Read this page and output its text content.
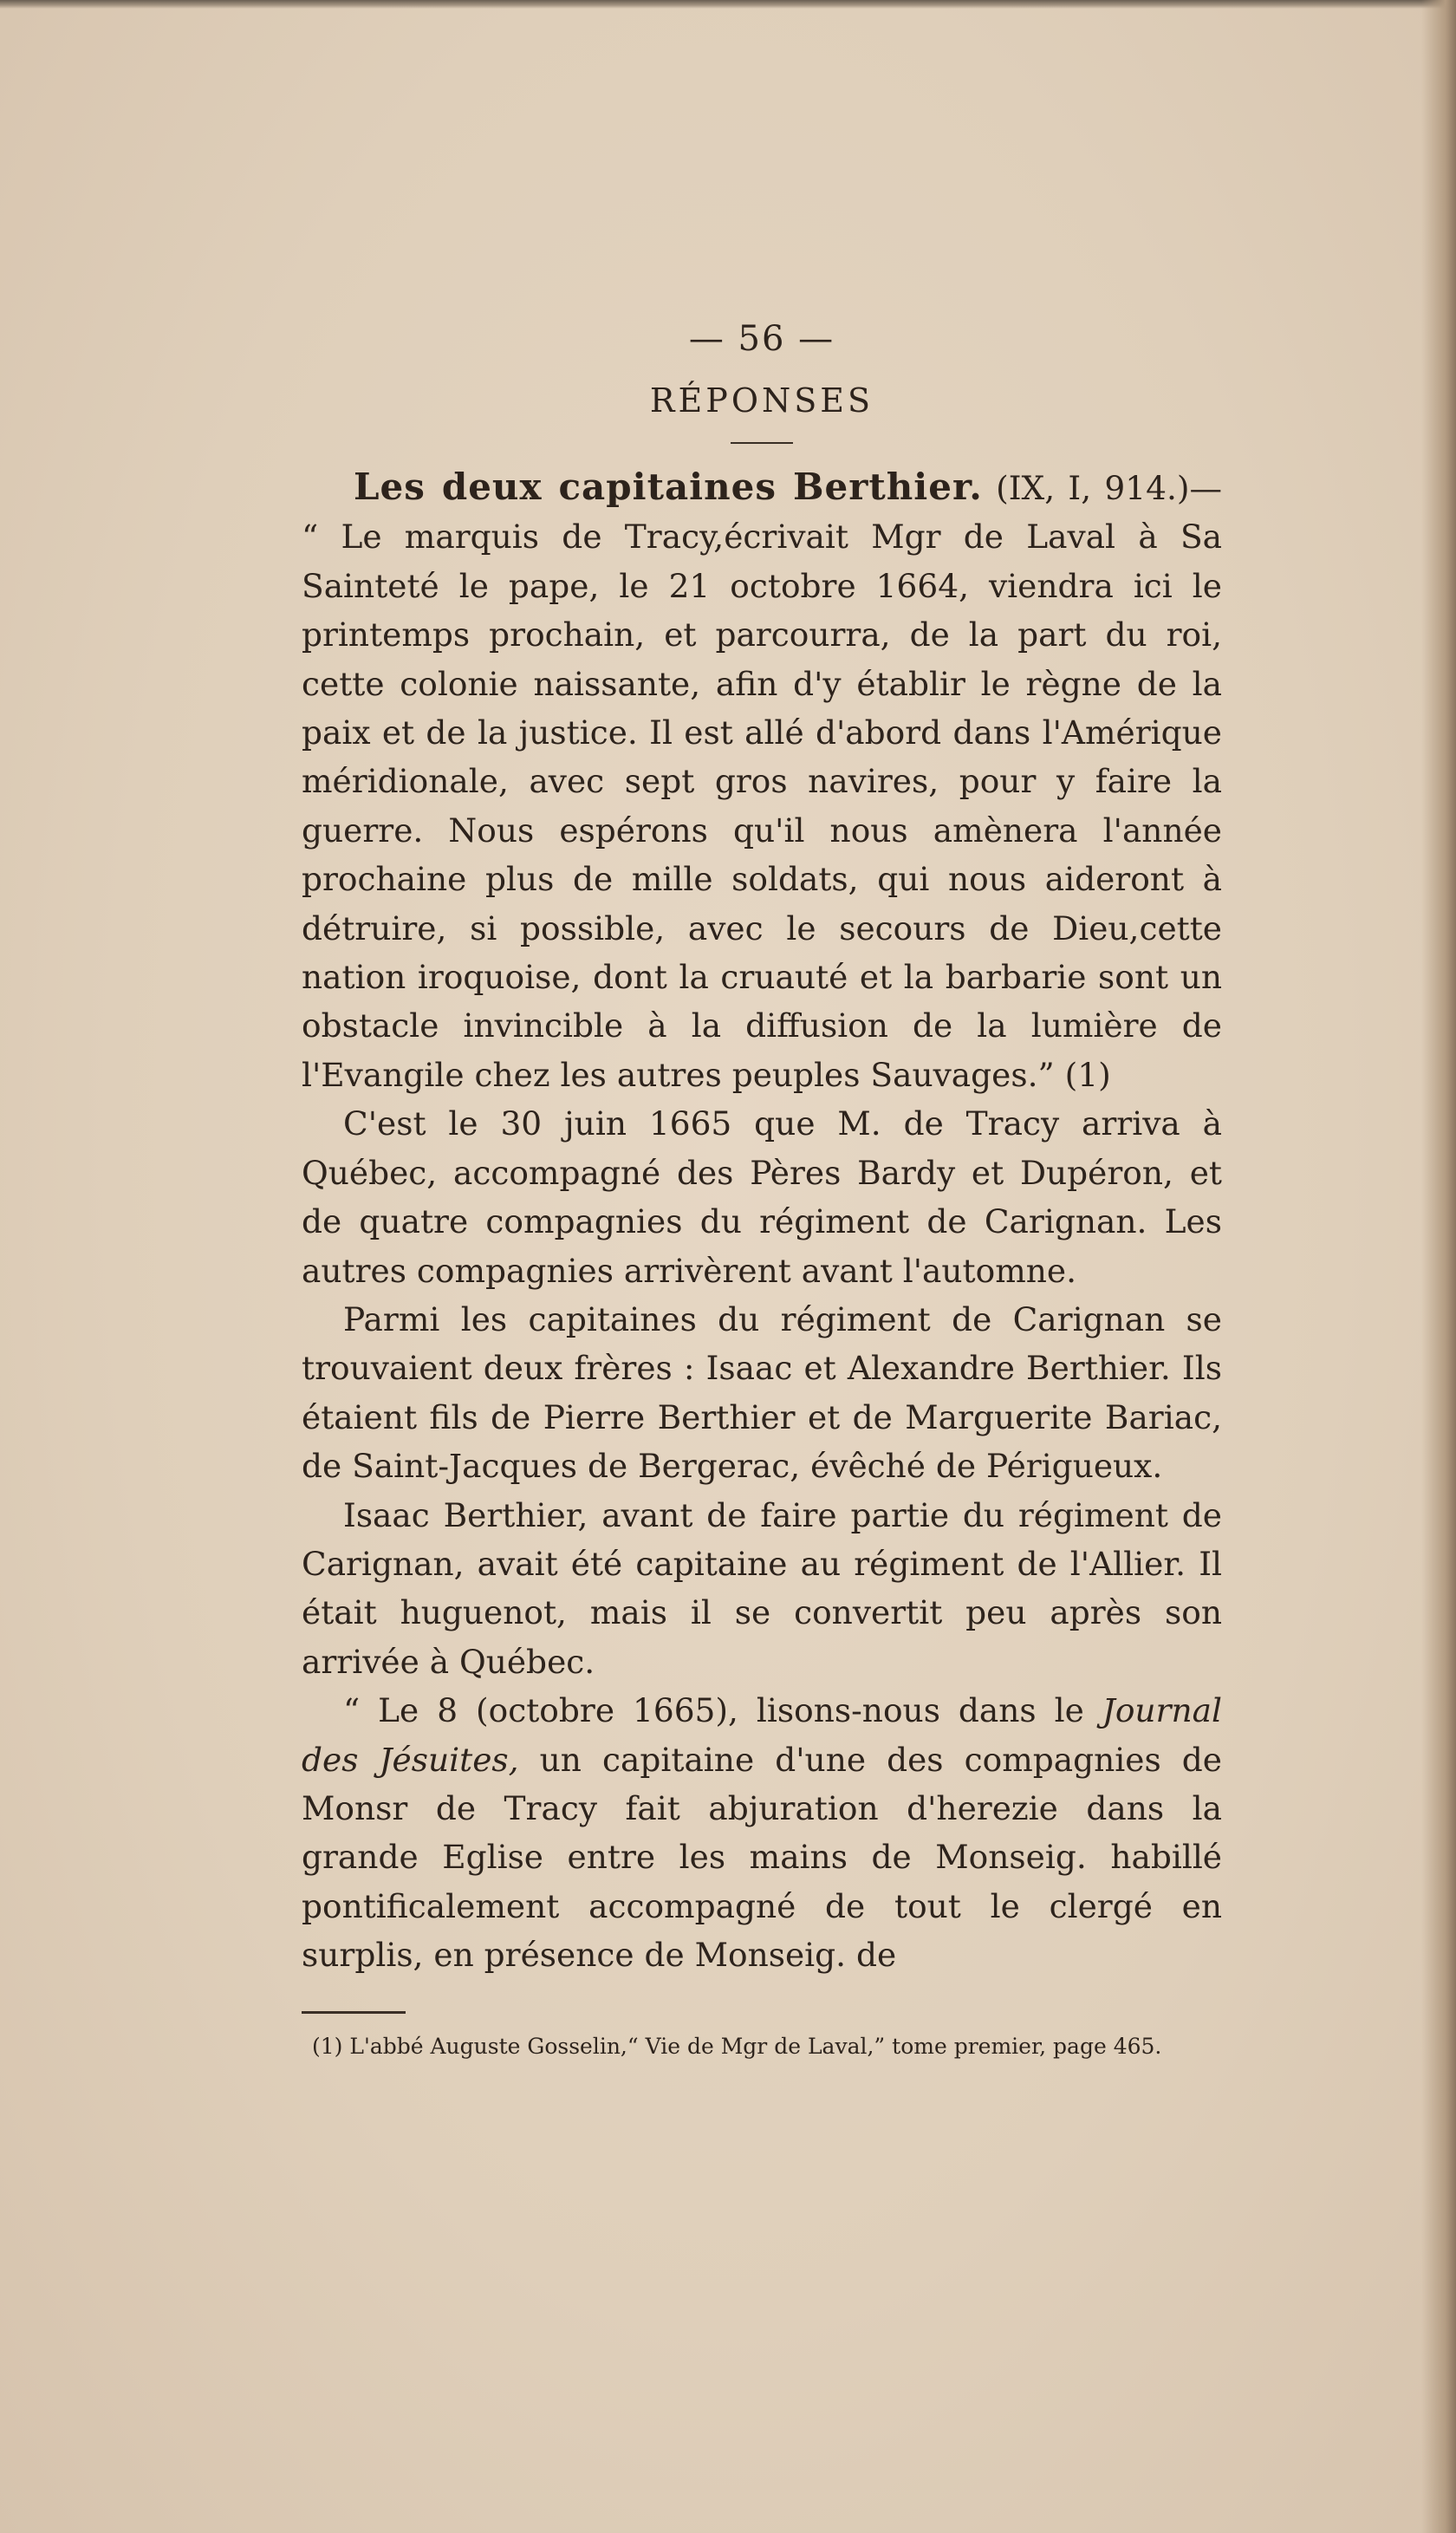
— 56 —
RÉPONSES

Les deux capitaines Berthier. (IX, I, 914.)— “ Le marquis de Tracy,écrivait Mgr de Laval à Sa Sainteté le pape, le 21 octobre 1664, viendra ici le printemps prochain, et parcourra, de la part du roi, cette colonie naissante, afin d'y établir le règne de la paix et de la justice. Il est allé d'abord dans l'Amérique méridionale, avec sept gros navires, pour y faire la guerre. Nous espérons qu'il nous amènera l'année prochaine plus de mille soldats, qui nous aideront à détruire, si possible, avec le secours de Dieu,cette nation iroquoise, dont la cruauté et la barbarie sont un obstacle invincible à la diffusion de la lumière de l'Evangile chez les autres peuples Sauvages.” (1)

C'est le 30 juin 1665 que M. de Tracy arriva à Québec, accompagné des Pères Bardy et Dupéron, et de quatre compagnies du régiment de Carignan. Les autres compagnies arrivèrent avant l'automne.

Parmi les capitaines du régiment de Carignan se trouvaient deux frères : Isaac et Alexandre Berthier. Ils étaient fils de Pierre Berthier et de Marguerite Bariac, de Saint-Jacques de Bergerac, évêché de Périgueux.

Isaac Berthier, avant de faire partie du régiment de Carignan, avait été capitaine au régiment de l'Allier. Il était huguenot, mais il se convertit peu après son arrivée à Québec.

“ Le 8 (octobre 1665), lisons-nous dans le Journal des Jésuites, un capitaine d'une des compagnies de Monsr de Tracy fait abjuration d'herezie dans la grande Eglise entre les mains de Monseig. habillé pontificalement accompagné de tout le clergé en surplis, en présence de Monseig. de

(1) L'abbé Auguste Gosselin,“ Vie de Mgr de Laval,” tome premier, page 465.
